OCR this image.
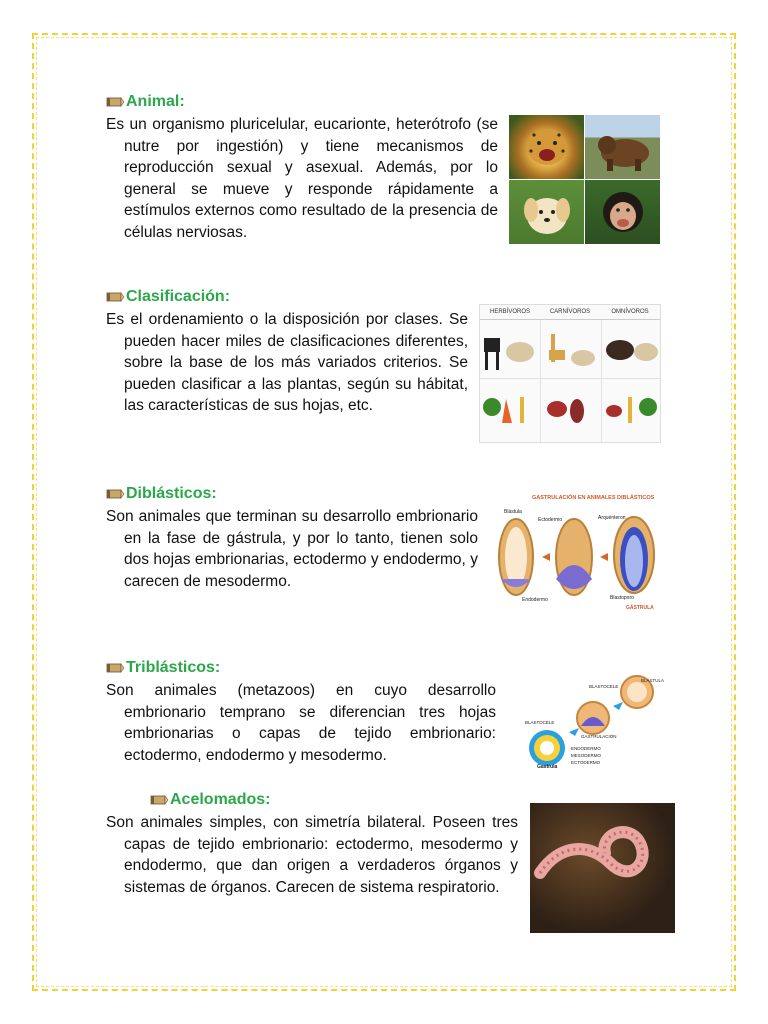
Animal:
Es un organismo pluricelular, eucarionte, heterótrofo (se nutre por ingestión) y tiene mecanismos de reproducción sexual y asexual. Además, por lo general se mueve y responde rápidamente a estímulos externos como resultado de la presencia de células nerviosas.
Clasificación:
Es el ordenamiento o la disposición por clases. Se pueden hacer miles de clasificaciones diferentes, sobre la base de los más variados criterios. Se pueden clasificar a las plantas, según su hábitat, las características de sus hojas, etc.
HERBÍVOROS	CARNÍVOROS	OMNÍVOROS
Diblásticos:
Son animales que terminan su desarrollo embrionario en la fase de gástrula, y por lo tanto, tienen solo dos hojas embrionarias, ectodermo y endodermo, y carecen de mesodermo.
GASTRULACIÓN EN ANIMALES DIBLÁSTICOS
Blástula
Ectodermo	Arquénteron
Endodermo	Blastoporo
GÁSTRULA
Triblásticos:
Son animales (metazoos) en cuyo desarrollo embrionario temprano se diferencian tres hojas embrionarias o capas de tejido embrionario: ectodermo, endodermo y mesodermo.
BLASTOCELE
BLÁSTULA
GASTRULACIÓN
BLASTOCELE
ENDODERMO
MESODERMO
ECTODERMO
Gastrula
Acelomados:
Son animales simples, con simetría bilateral. Poseen tres capas de tejido embrionario: ectodermo, mesodermo y endodermo, que dan origen a verdaderos órganos y sistemas de órganos. Carecen de sistema respiratorio.
